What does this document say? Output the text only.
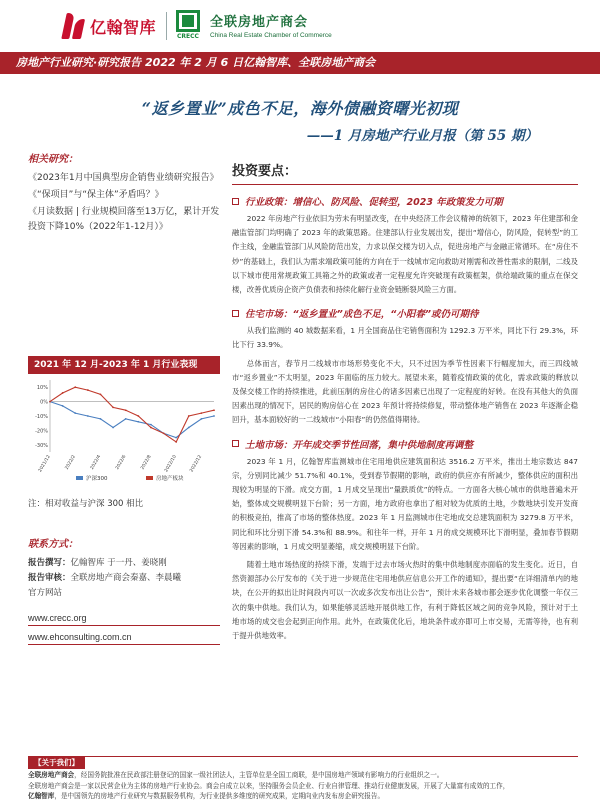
亿翰智库	CRECC
全联房地产商会
China Real Estate Chamber of Commerce
房地产行业研究·研究报告 2022 年 2 月 6 日亿翰智库、全联房地产商会
“返乡置业”成色不足，海外债融资曙光初现
——1 月房地产行业月报（第 55 期）
相关研究：
《2023年1月中国典型房企销售业绩研究报告》
《“保项目”与“保主体”矛盾吗？》
《月读数据 | 行业规模回落至13万亿，累计开发投资下降10%（2022年1-12月）》
2021 年 12 月-2023 年 1 月行业表现
-30%
-20%
-10%
0%
10%
2021/12	2022/2	2022/4	2022/6	2022/8	2022/10	2022/12
沪深300	房地产板块
注：相对收益与沪深 300 相比
联系方式：
报告撰写：亿翰智库 于一丹、姜晓刚
报告审核：全联房地产商会秦嘉、李晨曦
官方网站
www.crecc.org
www.ehconsulting.com.cn
投资要点：
行业政策：增信心、防风险、促转型，2023 年政策发力可期

2022 年房地产行业依旧为劳未有明显改变，在中央经济工作会议精神的统领下，2023 年住建部和金融监管部门均明确了 2023 年的政策思路。住建部认行业发展出发，提出“增信心，防风险，促转型”的工作主线，金融监管部门从风险防范出发，力求以保交楼为切入点，促进房地产与金融正常循环。在“房住不炒”的基础上，我们认为需求端政策可能的方向在于一线城市定向救助对刚需和改善性需求的限制，二线及以下城市使用常规政策工具箱之外的政策或者一定程度允许突破现有政策框架，供给端政策的重点在保交楼，改善优质房企资产负债表和持续化解行业资金链断裂风险三方面。

住宅市场：“返乡置业”成色不足，“小阳春”或仍可期待

从我们监测的 40 城数据来看，1 月全国商品住宅销售面积为 1292.3 万平米，同比下行 29.3%，环比下行 33.9%。

总体而言，春节月二线城市市场形势变化不大，只不过因为季节性因素下行幅度加大，而三四线城市“返乡置业”不太明显，2023 年面临的压力较大。展望未来，随着疫情政策的优化，需求政策的释放以及保交楼工作的持续推进，此前压制的房住心的诸多因素已出现了一定程度的好转。在没有其他大的负面因素出现的情况下，居民的购房信心在 2023 年预计将持续修复，带动整体地产销售在 2023 年逐渐企稳回升，基本面较好的一二线城市“小阳春”的仍然值得期待。

土地市场：开年成交季节性回落，集中供地制度再调整

2023 年 1 月，亿翰智库监测城市住宅用地供应建筑面积达 3516.2 万平米，推出土地宗数达 847 宗，分别同比减少 51.7%和 40.1%，受到春节假期的影响，政府的供应亦有所减少，整体供应的面积出现较为明显的下滑。成交方面，1 月成交呈现出“量跌质优”的特点。一方面各大核心城市的供地普遍未开始，整体成交规模明显下台阶；另一方面，地方政府也拿出了相对较为优质的土地，少数地块引发开发商的积极竞拍，推高了市场的整体热度。2023 年 1 月监测城市住宅地成交总建筑面积为 3279.8 万平米，同比和环比分别下滑 54.3%和 88.9%。和往年一样，开年 1 月的成交规模环比下滑明显，叠加春节假期等因素的影响，1 月成交明显萎缩，成交规模明显下台阶。

随着土地市场热度的持续下滑，发端于过去市场火热时的集中供地制度亦面临的发生变化。近日，自然资源部办公厅发布的《关于进一步规范住宅用地供应信息公开工作的通知》，提出要“在详细清单内的地块，在公开的拟出让时间段内可以一次或多次发布出让公告”，预计未来各城市都会逐步优化调整一年仅三次的集中供地。我们认为，如果能够灵活地开展供地工作，有利于降低区域之间的竞争风险，预计对于土地市场的成交也会起到正向作用。此外，在政策优化后，地块条件或亦即可上市交易，无需等待，也有利于提升供地效率。

【关于我们】
全联房地产商会，经国务院批准在民政部注册登记的国家一级社团法人，主管单位是全国工商联，是中国房地产领域有影响力的行业组织之一。
全联房地产商会是一家以民营企业为主体的房地产行业协会。商会自成立以来，坚持服务会员企业、行业自律管理、推动行业健康发展，开展了大量富有成效的工作，
亿翰智库，是中国领先的房地产行业研究与数据服务机构，为行业提供多维度的研究成果，定期向业内发布房企研究报告。
